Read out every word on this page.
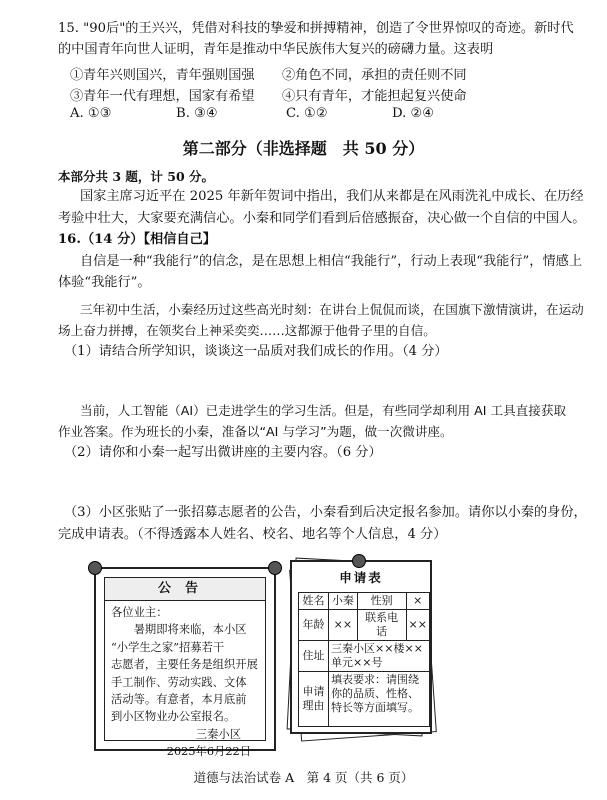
15. "90后"的王兴兴，凭借对科技的挚爱和拼搏精神，创造了令世界惊叹的奇迹。新时代
的中国青年向世人证明，青年是推动中华民族伟大复兴的磅礴力量。这表明
①青年兴则国兴，青年强则国强 ②角色不同，承担的责任则不同
③青年一代有理想，国家有希望 ④只有青年，才能担起复兴使命
A. ①③	B. ③④	C. ①②	D. ②④
第二部分（非选择题　共 50 分）
本部分共 3 题，计 50 分。
国家主席习近平在 2025 年新年贺词中指出，我们从来都是在风雨洗礼中成长、在历经
考验中壮大，大家要充满信心。小秦和同学们看到后倍感振奋，决心做一个自信的中国人。
16.（14 分）【相信自己】
自信是一种“我能行”的信念，是在思想上相信“我能行”，行动上表现“我能行”，情感上
体验“我能行”。
三年初中生活，小秦经历过这些高光时刻：在讲台上侃侃而谈，在国旗下激情演讲，在运动
场上奋力拼搏，在领奖台上神采奕奕……这都源于他骨子里的自信。
（1）请结合所学知识，谈谈这一品质对我们成长的作用。（4 分）
当前，人工智能（AI）已走进学生的学习生活。但是，有些同学却利用 AI 工具直接获取
作业答案。作为班长的小秦，准备以“AI 与学习”为题，做一次微讲座。
（2）请你和小秦一起写出微讲座的主要内容。（6 分）
（3）小区张贴了一张招募志愿者的公告，小秦看到后决定报名参加。请你以小秦的身份，
完成申请表。（不得透露本人姓名、校名、地名等个人信息，4 分）
公告
各位业主：
　　暑期即将来临，本小区
“小学生之家”招募若干
志愿者，主要任务是组织开展
手工制作、劳动实践、文体
活动等。有意者，本月底前
到小区物业办公室报名。
三秦小区
2025年6月22日
申请表
姓名	小秦	性别	×
年龄	××	联系电话	××
住址	三秦小区××楼××单元××号		
申请理由	填表要求：请围绕你的品质、性格、特长等方面填写。		
道德与法治试卷 A　第 4 页（共 6 页）
